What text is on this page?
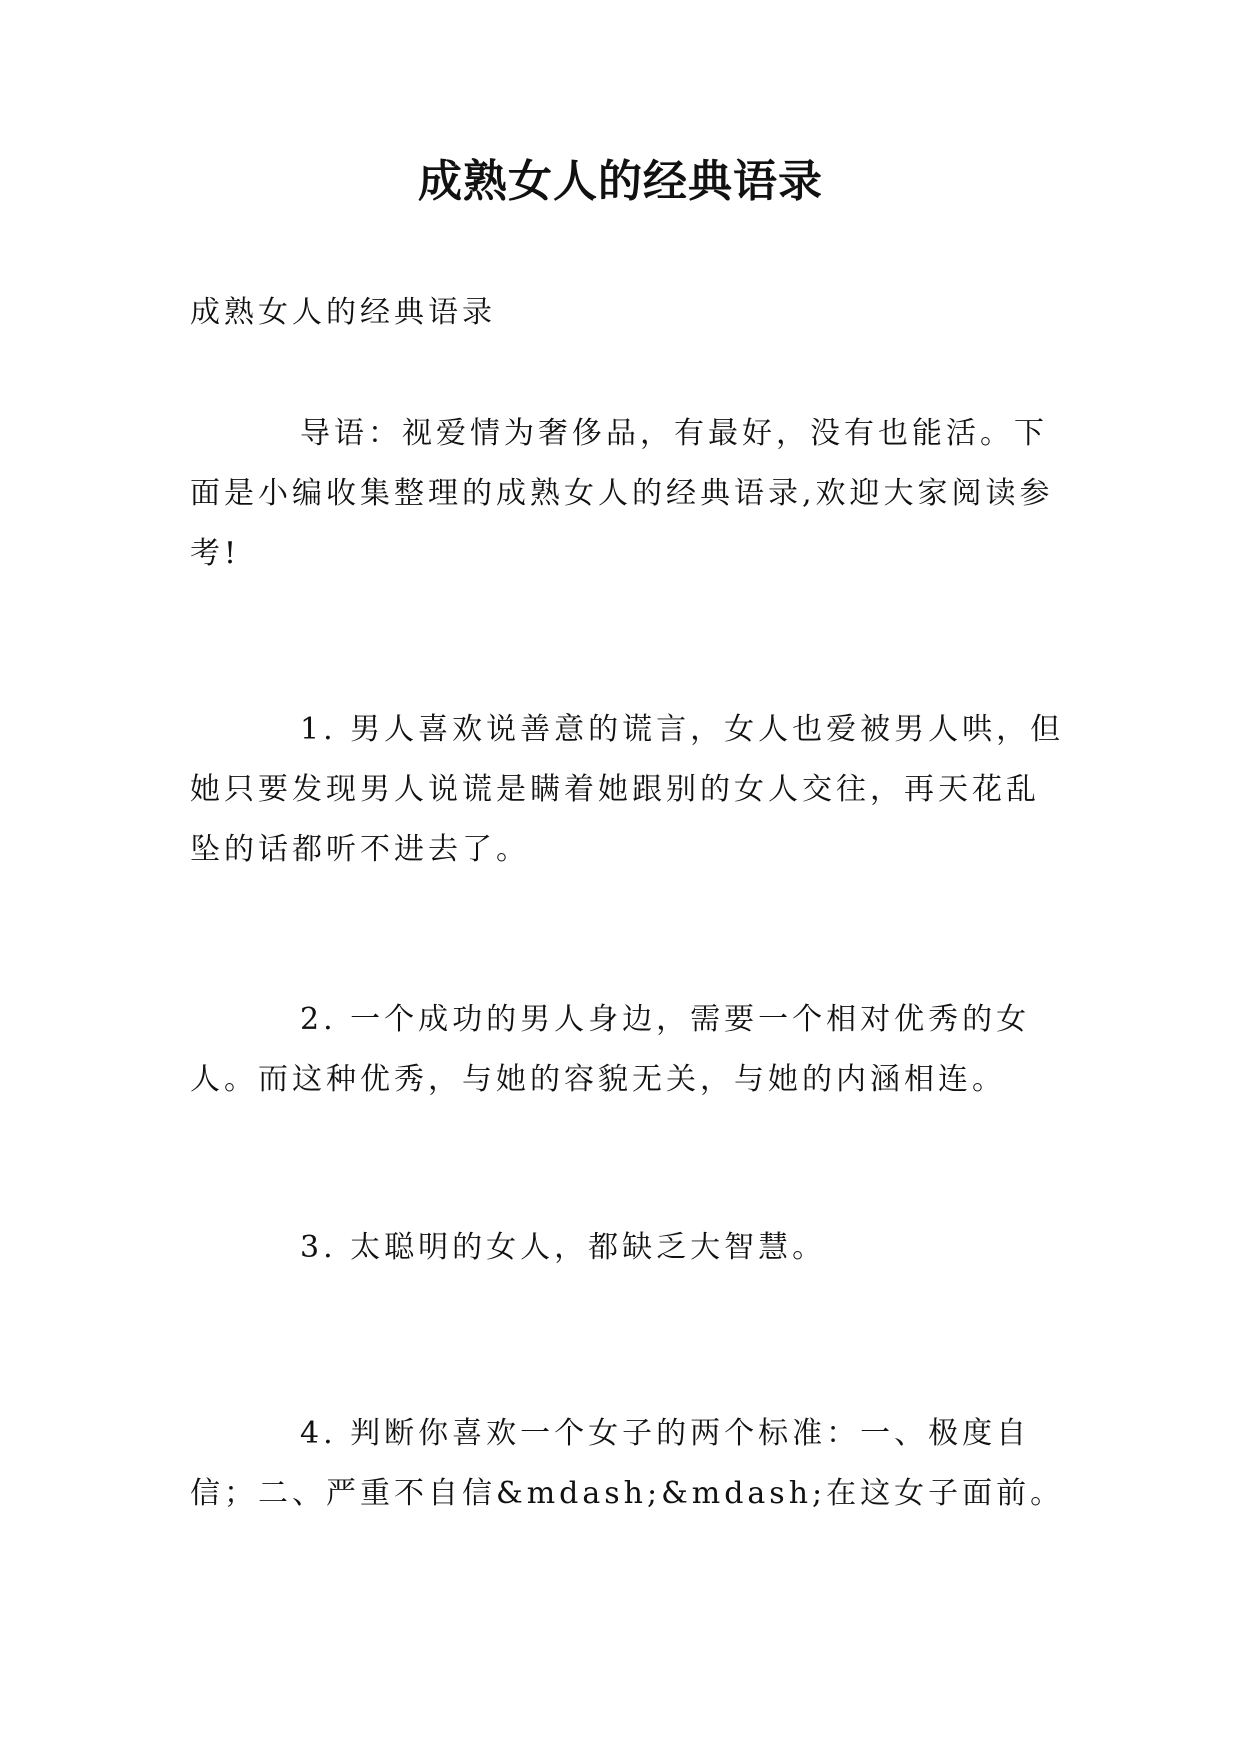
成熟女人的经典语录
成熟女人的经典语录

导语：视爱情为奢侈品，有最好，没有也能活。下面是小编收集整理的成熟女人的经典语录,欢迎大家阅读参考!

1. 男人喜欢说善意的谎言，女人也爱被男人哄，但她只要发现男人说谎是瞒着她跟别的女人交往，再天花乱坠的话都听不进去了。

2. 一个成功的男人身边，需要一个相对优秀的女人。而这种优秀，与她的容貌无关，与她的内涵相连。

3. 太聪明的女人，都缺乏大智慧。

4. 判断你喜欢一个女子的两个标准：一、极度自信；二、严重不自信&mdash;&mdash;在这女子面前。
